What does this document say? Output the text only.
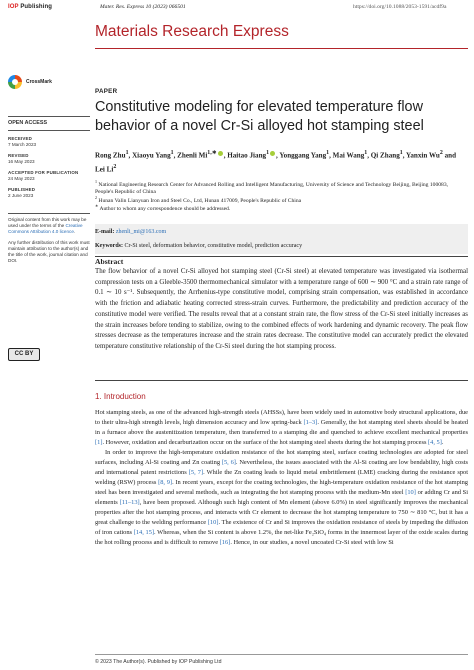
IOP Publishing	Mater. Res. Express 10 (2023) 066501	https://doi.org/10.1088/2053-1591/acdf9a
Materials Research Express
CrossMark
OPEN ACCESS
RECEIVED
7 March 2023
REVISED
16 May 2023
ACCEPTED FOR PUBLICATION
24 May 2023
PUBLISHED
2 June 2023
Original content from this work may be used under the terms of the Creative Commons Attribution 4.0 licence.
Any further distribution of this work must maintain attribution to the author(s) and the title of the work, journal citation and DOI.
CC BY
PAPER
Constitutive modeling for elevated temperature flow behavior of a novel Cr-Si alloyed hot stamping steel
Rong Zhu$^1$, Xiaoyu Yang$^1$, Zhenli $Mi^{1,∗}$ , Haitao Jiang$^1$ , Yonggang Yang$^1$, Mai Wang$^1$, Qi Zhang$^1$, Yanxin Wu$^2$ and Lei Li$^2$
$^1$ National Engineering Research Center for Advanced Rolling and Intelligent Manufacturing, University of Science and Technology Beijing, Beijing 100083, People's Republic of China
$^2$ Hunan Valin Lianyuan Iron and Steel Co., Ltd, Hunan 417009, People's Republic of China
∗ Author to whom any correspondence should be addressed.
E-mail: zhenli_mi@163.com
Keywords: Cr-Si steel, deformation behavior, constitutive model, prediction accuracy
Abstract
The flow behavior of a novel Cr-Si alloyed hot stamping steel (Cr-Si steel) at elevated temperature was investigated via isothermal compression tests on a Gleeble-3500 thermomechanical simulator with a temperature range of 600 ∼ 900 °C and a strain rate range of 0.1 ∼ 10 s⁻¹. Subsequently, the Arrhenius-type constitutive model, comprising strain compensation, was established in accordance with the friction and adiabatic heating corrected stress-strain curves. Furthermore, the predictability and prediction accuracy of the constitutive model were verified. The results reveal that at a constant strain rate, the flow stress of the Cr-Si steel initially increases as the strain increases before tending to stabilize, owing to the combined effects of work hardening and dynamic recovery. The peak flow stresses decrease as the temperatures increase and the strain rates decrease. The constitutive model can accurately predict the elevated temperature constitutive relationship of the Cr-Si steel during the hot stamping process.
1. Introduction

Hot stamping steels, as one of the advanced high-strength steels (AHSSs), have been widely used in automotive body structural applications, due to their ultra-high strength levels, high dimension accuracy and low spring-back [1–3]. Generally, the hot stamping steel sheets should be heated in a furnace above the austenitization temperature, then transferred to a stamping die and quenched to achieve excellent mechanical properties [1]. However, oxidation and decarburization occur on the surface of the hot stamping steel sheets during the hot stamping process [4, 5].

In order to improve the high-temperature oxidation resistance of the hot stamping steel, surface coating technologies are adopted for steel surfaces, including Al-Si coating and Zn coating [5, 6]. Nevertheless, the issues associated with the Al-Si coating are low bendability, high costs and international patent restrictions [5, 7]. While the Zn coating leads to liquid metal embrittlement (LME) cracking during the resistance spot welding (RSW) process [8, 9]. In recent years, except for the coating technologies, the high-temperature oxidation resistance of the hot stamping steel has been investigated and several methods, such as integrating the hot stamping process with the medium-Mn steel [10] or adding Cr and Si elements [11–13], have been proposed. Although such high content of Mn element (above 6.0%) in steel significantly improves the mechanical properties after the hot stamping process, and interacts with Cr element to decrease the hot stamping temperature to 750 ∼ 810 °C, but it has a great challenge to the welding performance [10]. The existence of Cr and Si improves the oxidation resistance of steels by impeding the diffusion of iron cations [14, 15]. Whereas, when the Si content is above 1.2%, the net-like Fe₂SiO₄ forms in the innermost layer of the oxide scales during the hot rolling process and is difficult to remove [16]. Hence, in our studies, a novel uncoated Cr-Si steel with low Si

© 2023 The Author(s). Published by IOP Publishing Ltd
